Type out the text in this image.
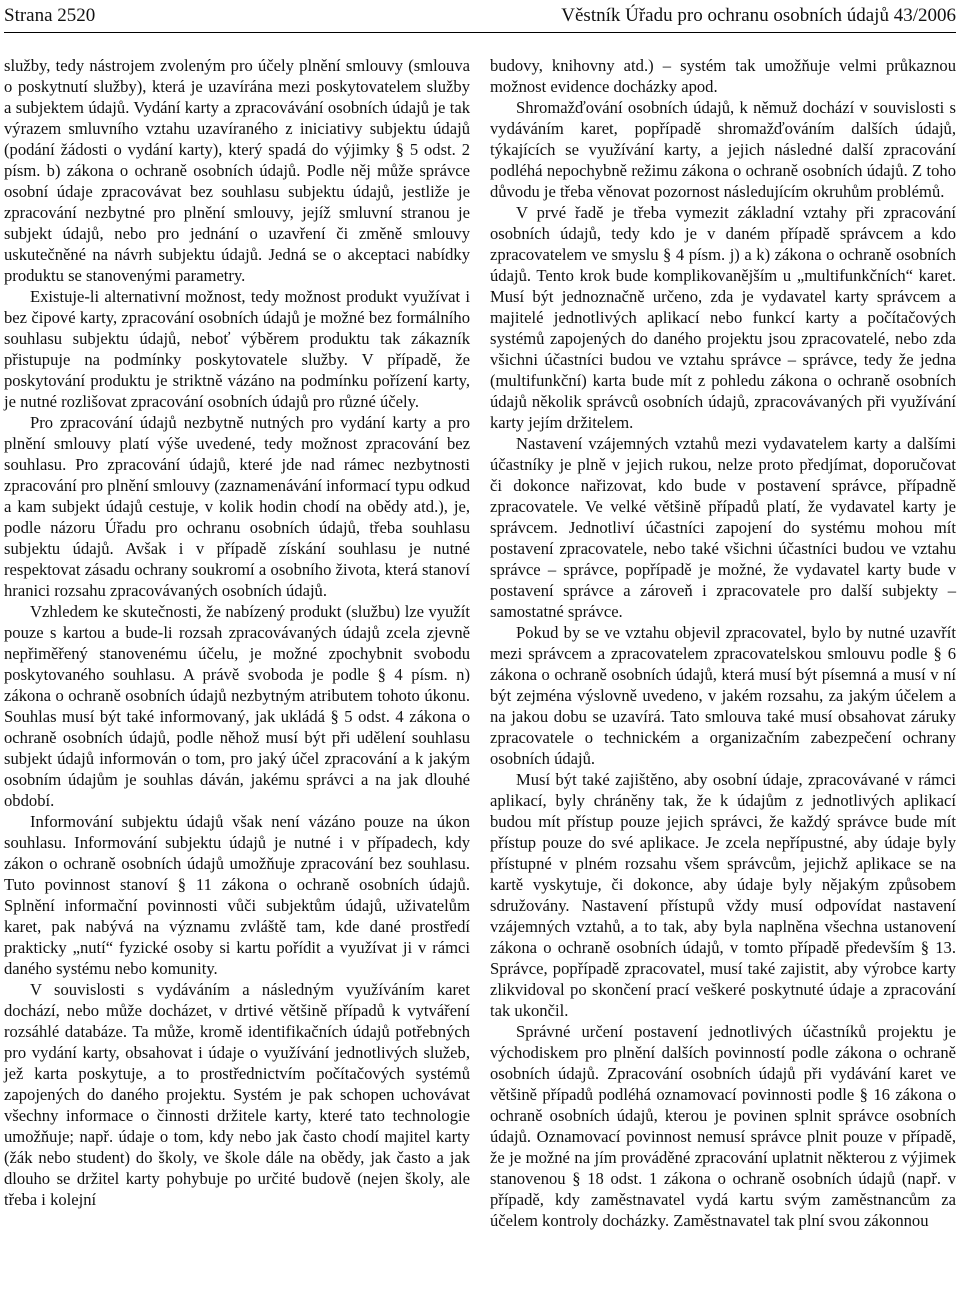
Strana 2520	Věstník Úřadu pro ochranu osobních údajů 43/2006

služby, tedy nástrojem zvoleným pro účely plnění smlouvy (smlouva o poskytnutí služby), která je uzavírána mezi poskytovatelem služby a subjektem údajů. Vydání karty a zpracovávání osobních údajů je tak výrazem smluvního vztahu uzavíraného z iniciativy subjektu údajů (podání žádosti o vydání karty), který spadá do výjimky § 5 odst. 2 písm. b) zákona o ochraně osobních údajů. Podle něj může správce osobní údaje zpracovávat bez souhlasu subjektu údajů, jestliže je zpracování nezbytné pro plnění smlouvy, jejíž smluvní stranou je subjekt údajů, nebo pro jednání o uzavření či změně smlouvy uskutečněné na návrh subjektu údajů. Jedná se o akceptaci nabídky produktu se stanovenými parametry.

Existuje-li alternativní možnost, tedy možnost produkt využívat i bez čipové karty, zpracování osobních údajů je možné bez formálního souhlasu subjektu údajů, neboť výběrem produktu tak zákazník přistupuje na podmínky poskytovatele služby. V případě, že poskytování produktu je striktně vázáno na podmínku pořízení karty, je nutné rozlišovat zpracování osobních údajů pro různé účely.

Pro zpracování údajů nezbytně nutných pro vydání karty a pro plnění smlouvy platí výše uvedené, tedy možnost zpracování bez souhlasu. Pro zpracování údajů, které jde nad rámec nezbytnosti zpracování pro plnění smlouvy (zaznamenávání informací typu odkud a kam subjekt údajů cestuje, v kolik hodin chodí na obědy atd.), je, podle názoru Úřadu pro ochranu osobních údajů, třeba souhlasu subjektu údajů. Avšak i v případě získání souhlasu je nutné respektovat zásadu ochrany soukromí a osobního života, která stanoví hranici rozsahu zpracovávaných osobních údajů.

Vzhledem ke skutečnosti, že nabízený produkt (službu) lze využít pouze s kartou a bude-li rozsah zpracovávaných údajů zcela zjevně nepřiměřený stanovenému účelu, je možné zpochybnit svobodu poskytovaného souhlasu. A právě svoboda je podle § 4 písm. n) zákona o ochraně osobních údajů nezbytným atributem tohoto úkonu. Souhlas musí být také informovaný, jak ukládá § 5 odst. 4 zákona o ochraně osobních údajů, podle něhož musí být při udělení souhlasu subjekt údajů informován o tom, pro jaký účel zpracování a k jakým osobním údajům je souhlas dáván, jakému správci a na jak dlouhé období.

Informování subjektu údajů však není vázáno pouze na úkon souhlasu. Informování subjektu údajů je nutné i v případech, kdy zákon o ochraně osobních údajů umožňuje zpracování bez souhlasu. Tuto povinnost stanoví § 11 zákona o ochraně osobních údajů. Splnění informační povinnosti vůči subjektům údajů, uživatelům karet, pak nabývá na významu zvláště tam, kde dané prostředí prakticky „nutí“ fyzické osoby si kartu pořídit a využívat ji v rámci daného systému nebo komunity.

V souvislosti s vydáváním a následným využíváním karet dochází, nebo může docházet, v drtivé většině případů k vytváření rozsáhlé databáze. Ta může, kromě identifikačních údajů potřebných pro vydání karty, obsahovat i údaje o využívání jednotlivých služeb, jež karta poskytuje, a to prostřednictvím počítačových systémů zapojených do daného projektu. Systém je pak schopen uchovávat všechny informace o činnosti držitele karty, které tato technologie umožňuje; např. údaje o tom, kdy nebo jak často chodí majitel karty (žák nebo student) do školy, ve škole dále na obědy, jak často a jak dlouho se držitel karty pohybuje po určité budově (nejen školy, ale třeba i kolejní

budovy, knihovny atd.) – systém tak umožňuje velmi průkaznou možnost evidence docházky apod.

Shromažďování osobních údajů, k němuž dochází v souvislosti s vydáváním karet, popřípadě shromažďováním dalších údajů, týkajících se využívání karty, a jejich následné další zpracování podléhá nepochybně režimu zákona o ochraně osobních údajů. Z toho důvodu je třeba věnovat pozornost následujícím okruhům problémů.

V prvé řadě je třeba vymezit základní vztahy při zpracování osobních údajů, tedy kdo je v daném případě správcem a kdo zpracovatelem ve smyslu § 4 písm. j) a k) zákona o ochraně osobních údajů. Tento krok bude komplikovanějším u „multifunkčních“ karet. Musí být jednoznačně určeno, zda je vydavatel karty správcem a majitelé jednotlivých aplikací nebo funkcí karty a počítačových systémů zapojených do daného projektu jsou zpracovatelé, nebo zda všichni účastníci budou ve vztahu správce – správce, tedy že jedna (multifunkční) karta bude mít z pohledu zákona o ochraně osobních údajů několik správců osobních údajů, zpracovávaných při využívání karty jejím držitelem.

Nastavení vzájemných vztahů mezi vydavatelem karty a dalšími účastníky je plně v jejich rukou, nelze proto předjímat, doporučovat či dokonce nařizovat, kdo bude v postavení správce, případně zpracovatele. Ve velké většině případů platí, že vydavatel karty je správcem. Jednotliví účastníci zapojení do systému mohou mít postavení zpracovatele, nebo také všichni účastníci budou ve vztahu správce – správce, popřípadě je možné, že vydavatel karty bude v postavení správce a zároveň i zpracovatele pro další subjekty – samostatné správce.

Pokud by se ve vztahu objevil zpracovatel, bylo by nutné uzavřít mezi správcem a zpracovatelem zpracovatelskou smlouvu podle § 6 zákona o ochraně osobních údajů, která musí být písemná a musí v ní být zejména výslovně uvedeno, v jakém rozsahu, za jakým účelem a na jakou dobu se uzavírá. Tato smlouva také musí obsahovat záruky zpracovatele o technickém a organizačním zabezpečení ochrany osobních údajů.

Musí být také zajištěno, aby osobní údaje, zpracovávané v rámci aplikací, byly chráněny tak, že k údajům z jednotlivých aplikací budou mít přístup pouze jejich správci, že každý správce bude mít přístup pouze do své aplikace. Je zcela nepřípustné, aby údaje byly přístupné v plném rozsahu všem správcům, jejichž aplikace se na kartě vyskytuje, či dokonce, aby údaje byly nějakým způsobem sdružovány. Nastavení přístupů vždy musí odpovídat nastavení vzájemných vztahů, a to tak, aby byla naplněna všechna ustanovení zákona o ochraně osobních údajů, v tomto případě především § 13. Správce, popřípadě zpracovatel, musí také zajistit, aby výrobce karty zlikvidoval po skončení prací veškeré poskytnuté údaje a zpracování tak ukončil.

Správné určení postavení jednotlivých účastníků projektu je východiskem pro plnění dalších povinností podle zákona o ochraně osobních údajů. Zpracování osobních údajů při vydávání karet ve většině případů podléhá oznamovací povinnosti podle § 16 zákona o ochraně osobních údajů, kterou je povinen splnit správce osobních údajů. Oznamovací povinnost nemusí správce plnit pouze v případě, že je možné na jím prováděné zpracování uplatnit některou z výjimek stanovenou § 18 odst. 1 zákona o ochraně osobních údajů (např. v případě, kdy zaměstnavatel vydá kartu svým zaměstnancům za účelem kontroly docházky. Zaměstnavatel tak plní svou zákonnou
